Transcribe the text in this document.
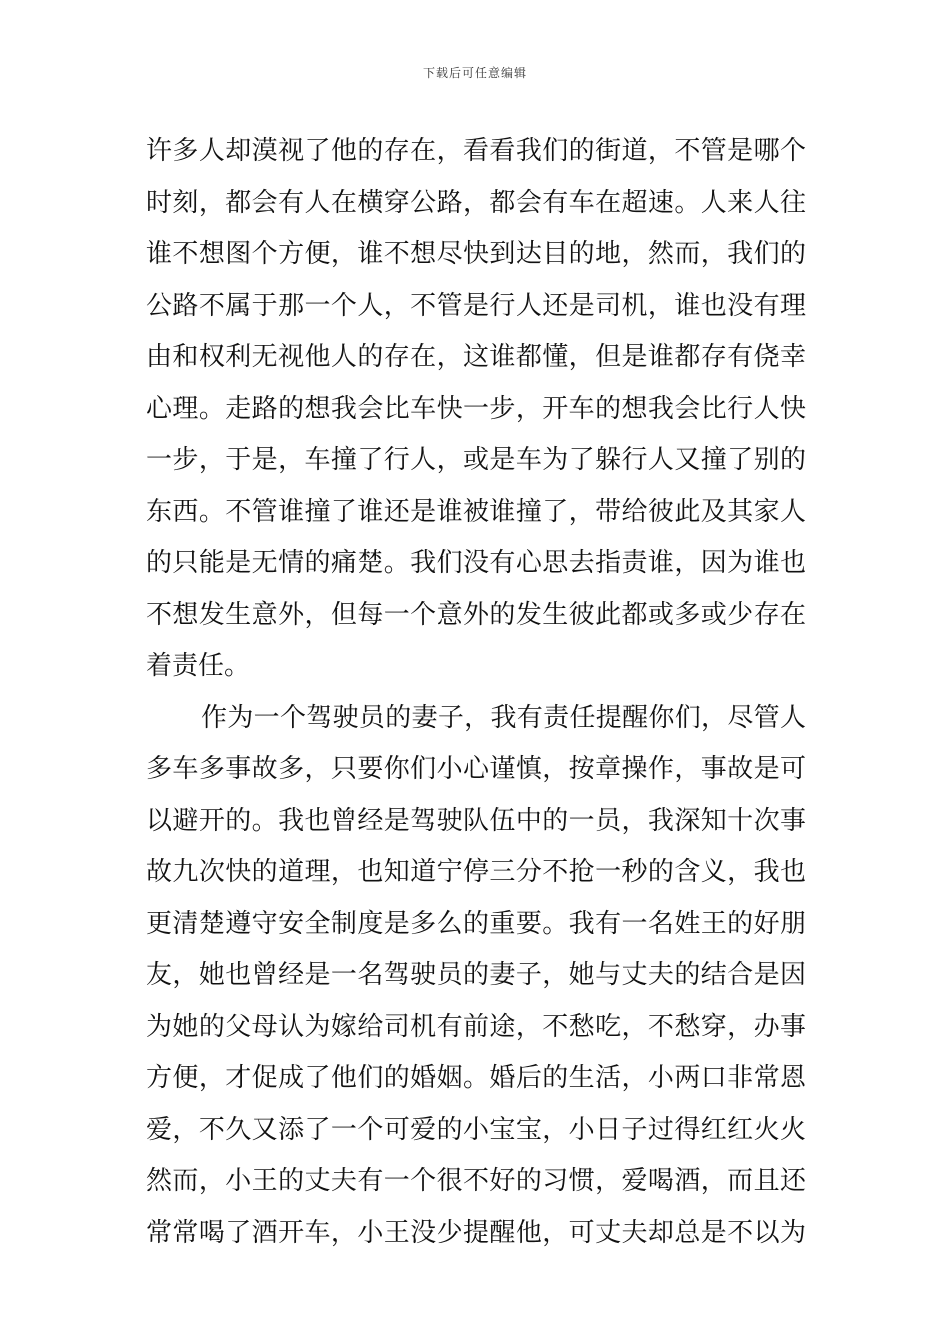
下载后可任意编辑
许多人却漠视了他的存在，看看我们的街道，不管是哪个
时刻，都会有人在横穿公路，都会有车在超速。人来人往
谁不想图个方便，谁不想尽快到达目的地，然而，我们的
公路不属于那一个人，不管是行人还是司机，谁也没有理
由和权利无视他人的存在，这谁都懂，但是谁都存有侥幸
心理。走路的想我会比车快一步，开车的想我会比行人快
一步，于是，车撞了行人，或是车为了躲行人又撞了别的
东西。不管谁撞了谁还是谁被谁撞了，带给彼此及其家人
的只能是无情的痛楚。我们没有心思去指责谁，因为谁也
不想发生意外，但每一个意外的发生彼此都或多或少存在
着责任。
作为一个驾驶员的妻子，我有责任提醒你们，尽管人
多车多事故多，只要你们小心谨慎，按章操作，事故是可
以避开的。我也曾经是驾驶队伍中的一员，我深知十次事
故九次快的道理，也知道宁停三分不抢一秒的含义，我也
更清楚遵守安全制度是多么的重要。我有一名姓王的好朋
友，她也曾经是一名驾驶员的妻子，她与丈夫的结合是因
为她的父母认为嫁给司机有前途，不愁吃，不愁穿，办事
方便，才促成了他们的婚姻。婚后的生活，小两口非常恩
爱，不久又添了一个可爱的小宝宝，小日子过得红红火火
然而，小王的丈夫有一个很不好的习惯，爱喝酒，而且还
常常喝了酒开车，小王没少提醒他，可丈夫却总是不以为
